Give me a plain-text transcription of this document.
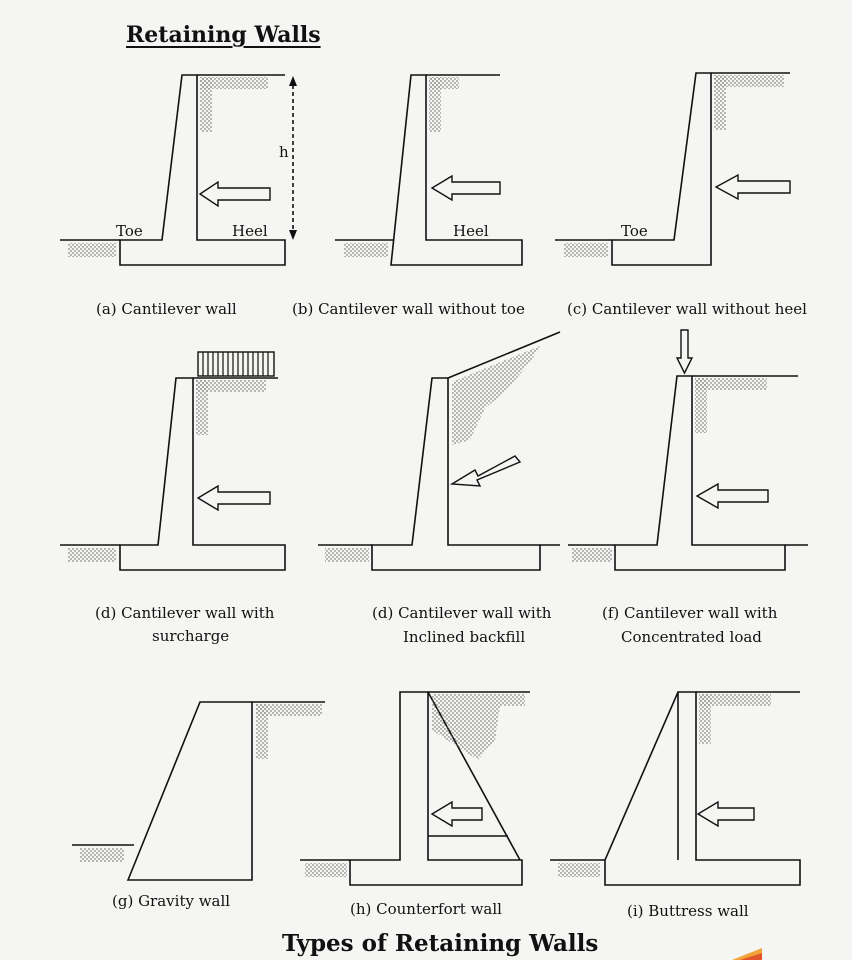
Retaining Walls
Toe	Heel
h
Heel	Toe
(a) Cantilever wall	(b) Cantilever wall without toe	(c) Cantilever wall without heel
(d) Cantilever wall with
surcharge
(d) Cantilever wall with
Inclined backfill
(f) Cantilever wall with
Concentrated load
(g) Gravity wall	(h) Counterfort wall	(i) Buttress wall
Types of Retaining Walls
